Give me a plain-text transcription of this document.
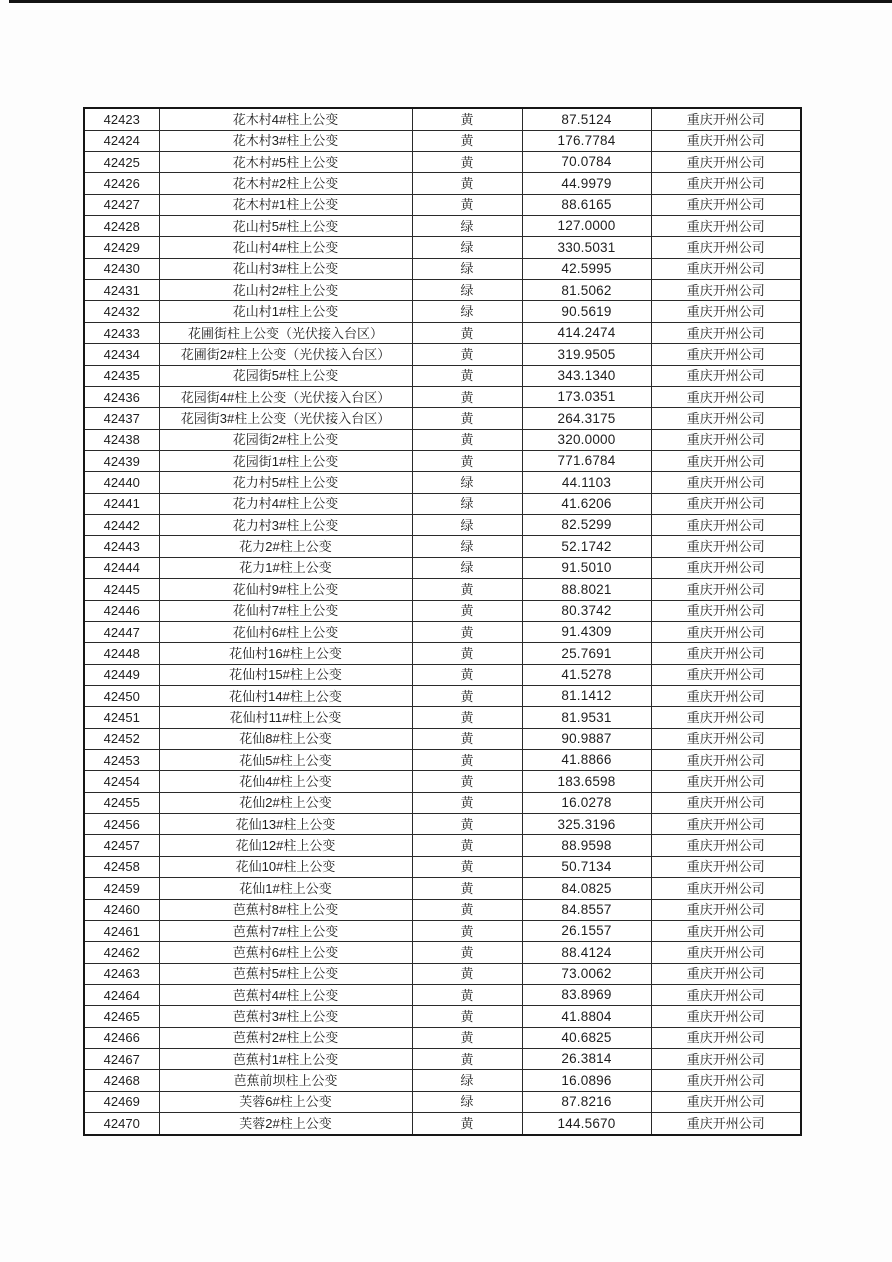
42423	花木村4#柱上公变	黄	87.5124	重庆开州公司
42424	花木村3#柱上公变	黄	176.7784	重庆开州公司
42425	花木村#5柱上公变	黄	70.0784	重庆开州公司
42426	花木村#2柱上公变	黄	44.9979	重庆开州公司
42427	花木村#1柱上公变	黄	88.6165	重庆开州公司
42428	花山村5#柱上公变	绿	127.0000	重庆开州公司
42429	花山村4#柱上公变	绿	330.5031	重庆开州公司
42430	花山村3#柱上公变	绿	42.5995	重庆开州公司
42431	花山村2#柱上公变	绿	81.5062	重庆开州公司
42432	花山村1#柱上公变	绿	90.5619	重庆开州公司
42433	花圃街柱上公变（光伏接入台区）	黄	414.2474	重庆开州公司
42434	花圃街2#柱上公变（光伏接入台区）	黄	319.9505	重庆开州公司
42435	花园街5#柱上公变	黄	343.1340	重庆开州公司
42436	花园街4#柱上公变（光伏接入台区）	黄	173.0351	重庆开州公司
42437	花园街3#柱上公变（光伏接入台区）	黄	264.3175	重庆开州公司
42438	花园街2#柱上公变	黄	320.0000	重庆开州公司
42439	花园街1#柱上公变	黄	771.6784	重庆开州公司
42440	花力村5#柱上公变	绿	44.1103	重庆开州公司
42441	花力村4#柱上公变	绿	41.6206	重庆开州公司
42442	花力村3#柱上公变	绿	82.5299	重庆开州公司
42443	花力2#柱上公变	绿	52.1742	重庆开州公司
42444	花力1#柱上公变	绿	91.5010	重庆开州公司
42445	花仙村9#柱上公变	黄	88.8021	重庆开州公司
42446	花仙村7#柱上公变	黄	80.3742	重庆开州公司
42447	花仙村6#柱上公变	黄	91.4309	重庆开州公司
42448	花仙村16#柱上公变	黄	25.7691	重庆开州公司
42449	花仙村15#柱上公变	黄	41.5278	重庆开州公司
42450	花仙村14#柱上公变	黄	81.1412	重庆开州公司
42451	花仙村11#柱上公变	黄	81.9531	重庆开州公司
42452	花仙8#柱上公变	黄	90.9887	重庆开州公司
42453	花仙5#柱上公变	黄	41.8866	重庆开州公司
42454	花仙4#柱上公变	黄	183.6598	重庆开州公司
42455	花仙2#柱上公变	黄	16.0278	重庆开州公司
42456	花仙13#柱上公变	黄	325.3196	重庆开州公司
42457	花仙12#柱上公变	黄	88.9598	重庆开州公司
42458	花仙10#柱上公变	黄	50.7134	重庆开州公司
42459	花仙1#柱上公变	黄	84.0825	重庆开州公司
42460	芭蕉村8#柱上公变	黄	84.8557	重庆开州公司
42461	芭蕉村7#柱上公变	黄	26.1557	重庆开州公司
42462	芭蕉村6#柱上公变	黄	88.4124	重庆开州公司
42463	芭蕉村5#柱上公变	黄	73.0062	重庆开州公司
42464	芭蕉村4#柱上公变	黄	83.8969	重庆开州公司
42465	芭蕉村3#柱上公变	黄	41.8804	重庆开州公司
42466	芭蕉村2#柱上公变	黄	40.6825	重庆开州公司
42467	芭蕉村1#柱上公变	黄	26.3814	重庆开州公司
42468	芭蕉前坝柱上公变	绿	16.0896	重庆开州公司
42469	芙蓉6#柱上公变	绿	87.8216	重庆开州公司
42470	芙蓉2#柱上公变	黄	144.5670	重庆开州公司
